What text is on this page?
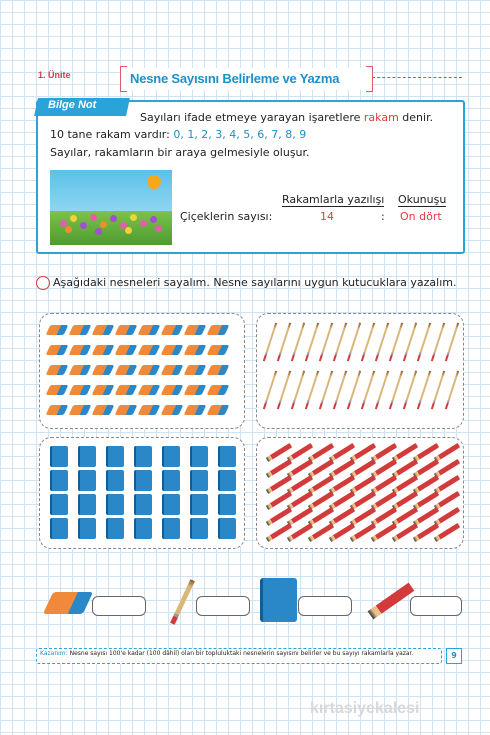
1. Ünite	Nesne Sayısını Belirleme ve Yazma
Bilge Not
Sayıları ifade etmeye yarayan işaretlere rakam denir.
10 tane rakam vardır: 0, 1, 2, 3, 4, 5, 6, 7, 8, 9
Sayılar, rakamların bir araya gelmesiyle oluşur.
Rakamlarla yazılışı Okunuşu
Çiçeklerin sayısı:	14	: On dört
Aşağıdaki nesneleri sayalım. Nesne sayılarını uygun kutucuklara yazalım.
Kazanım: Nesne sayısı 100'e kadar (100 dâhil) olan bir topluluktaki nesnelerin sayısını belirler ve bu sayıyı rakamlarla yazar.	9
kırtasiyekalesi
